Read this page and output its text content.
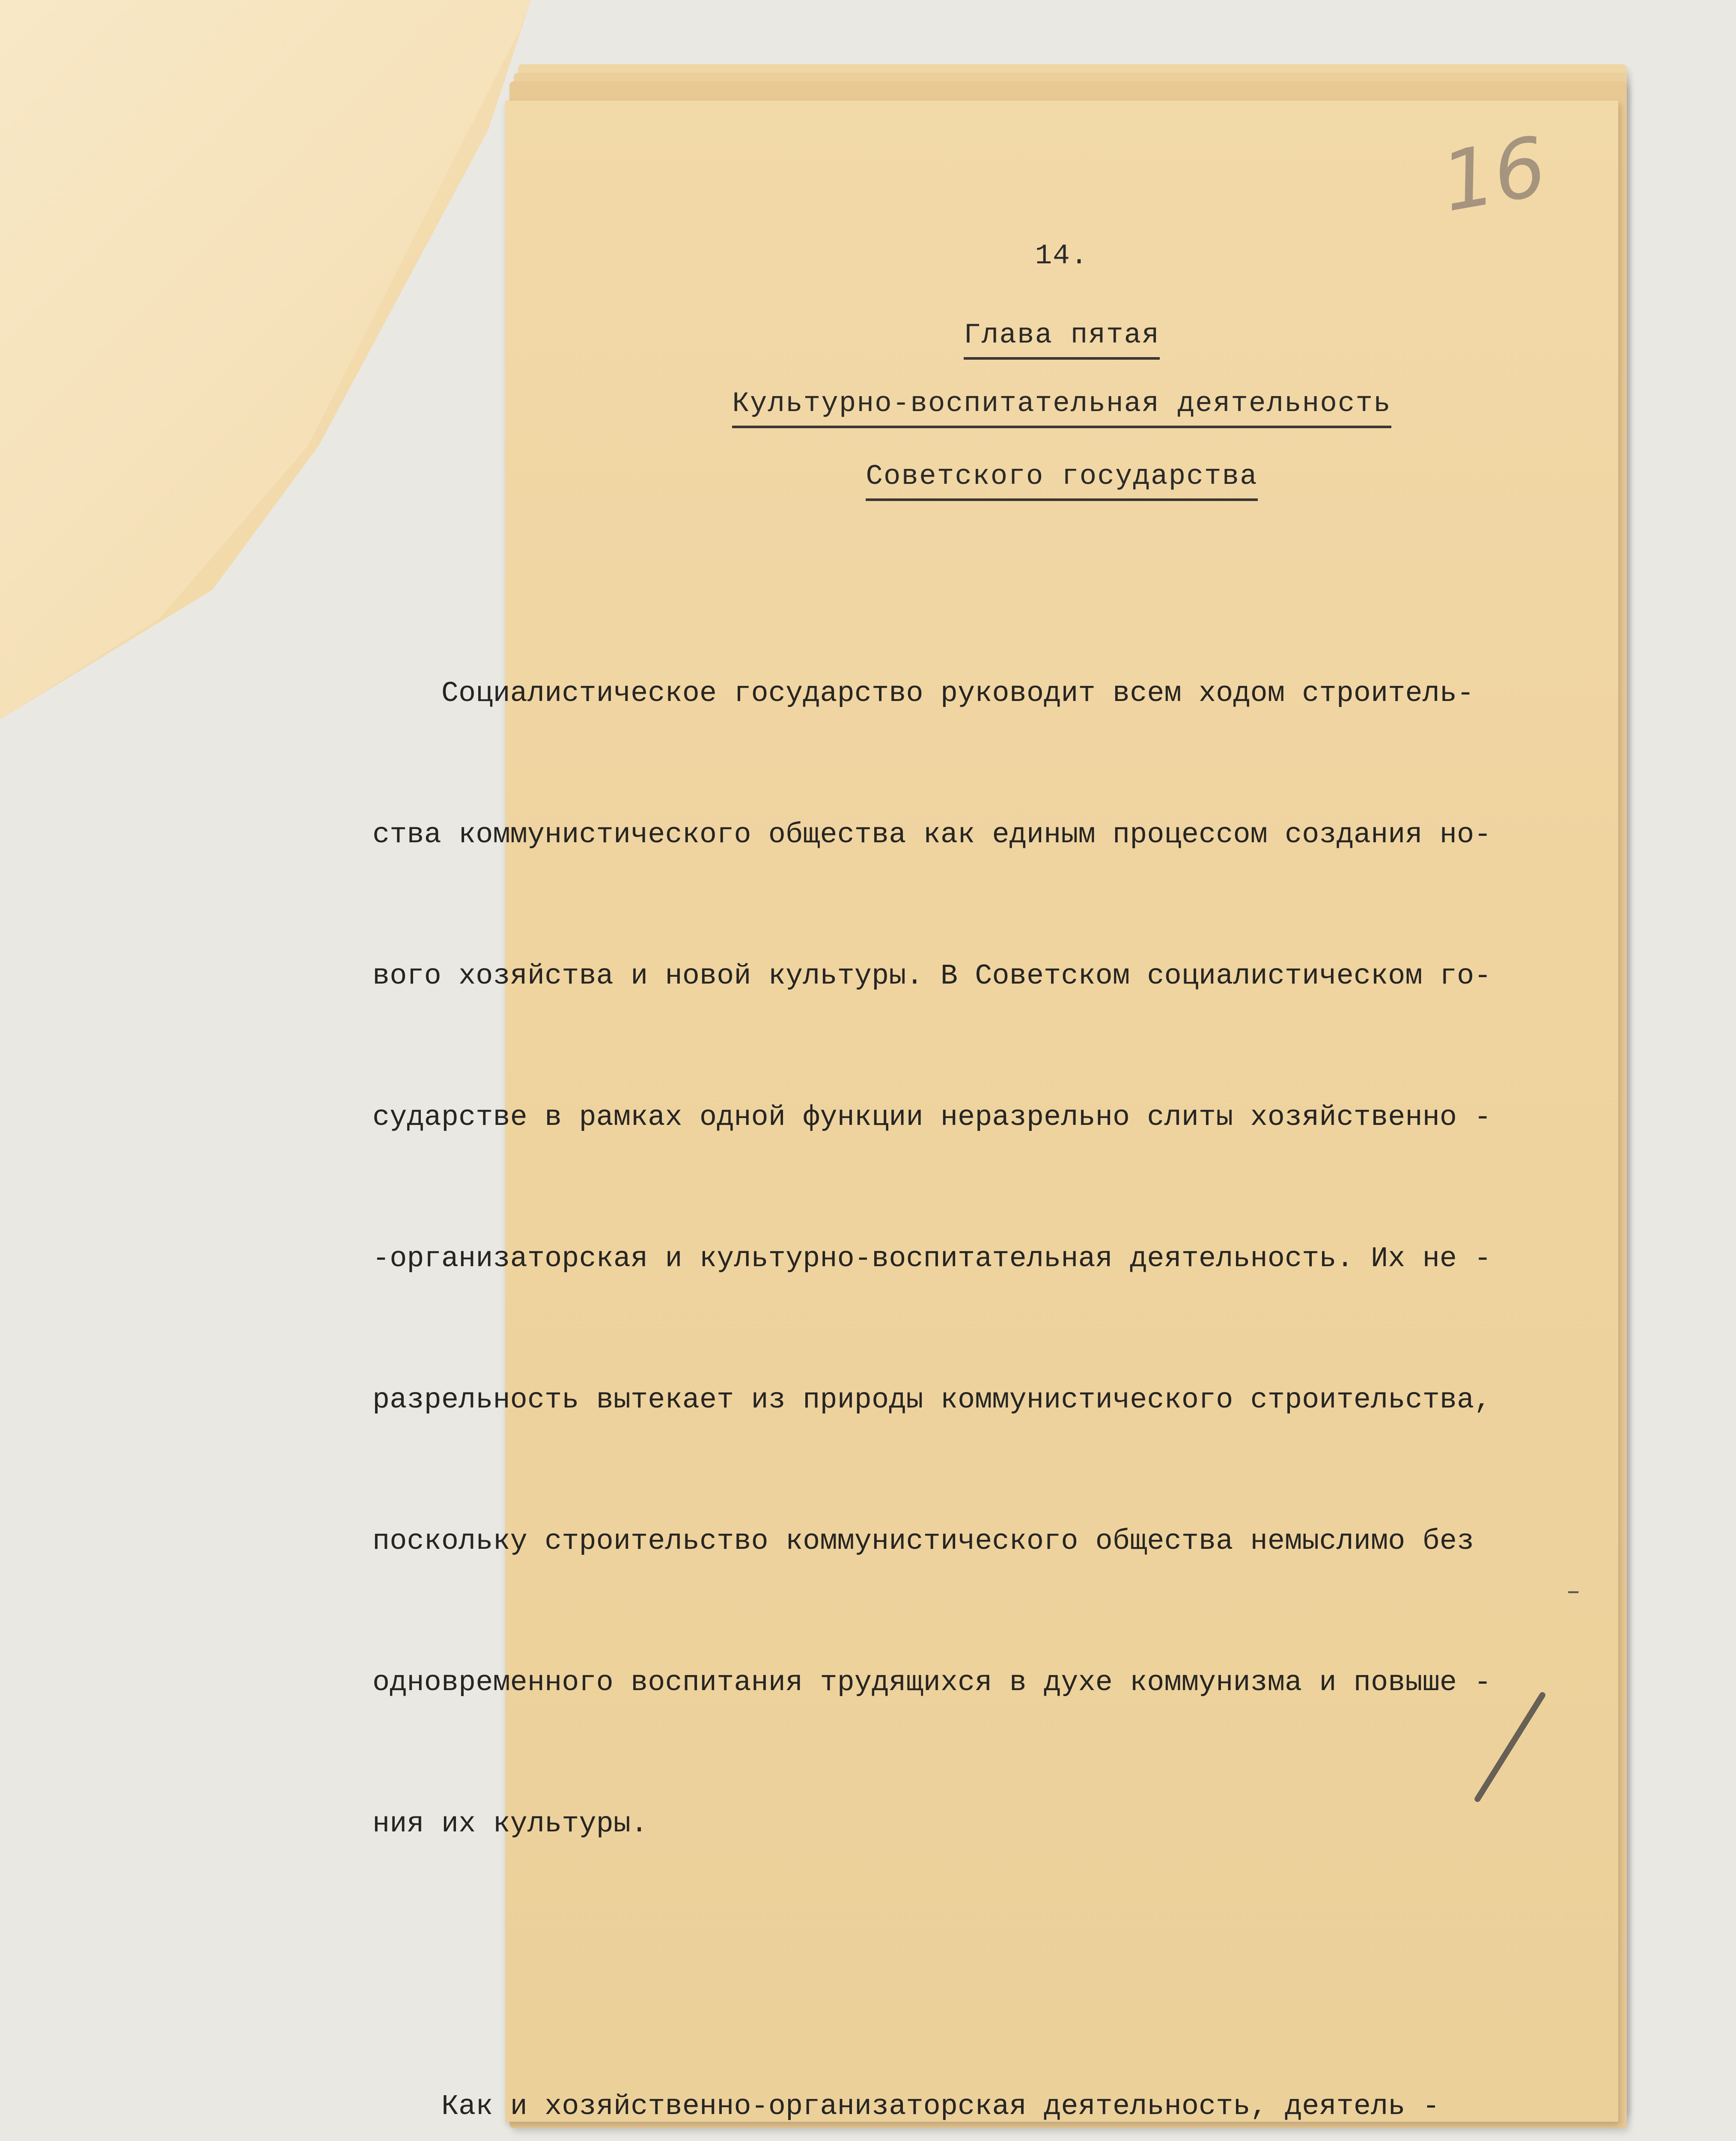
16
14.
Глава пятая
Культурно-воспитательная деятельность
Советского государства

Социалистическое государство руководит всем ходом строитель-

ства коммунистического общества как единым процессом создания но-

вого хозяйства и новой культуры. В Советском социалистическом го-

сударстве в рамках одной функции неразрельно слиты хозяйственно -

-организаторская и культурно-воспитательная деятельность. Их не -

разрельность вытекает из природы коммунистического строительства,

поскольку строительство коммунистического общества немыслимо без

одновременного воспитания трудящихся в духе коммунизма и повыше -

ния их культуры.

Как и хозяйственно-организаторская деятельность, деятель -

–
